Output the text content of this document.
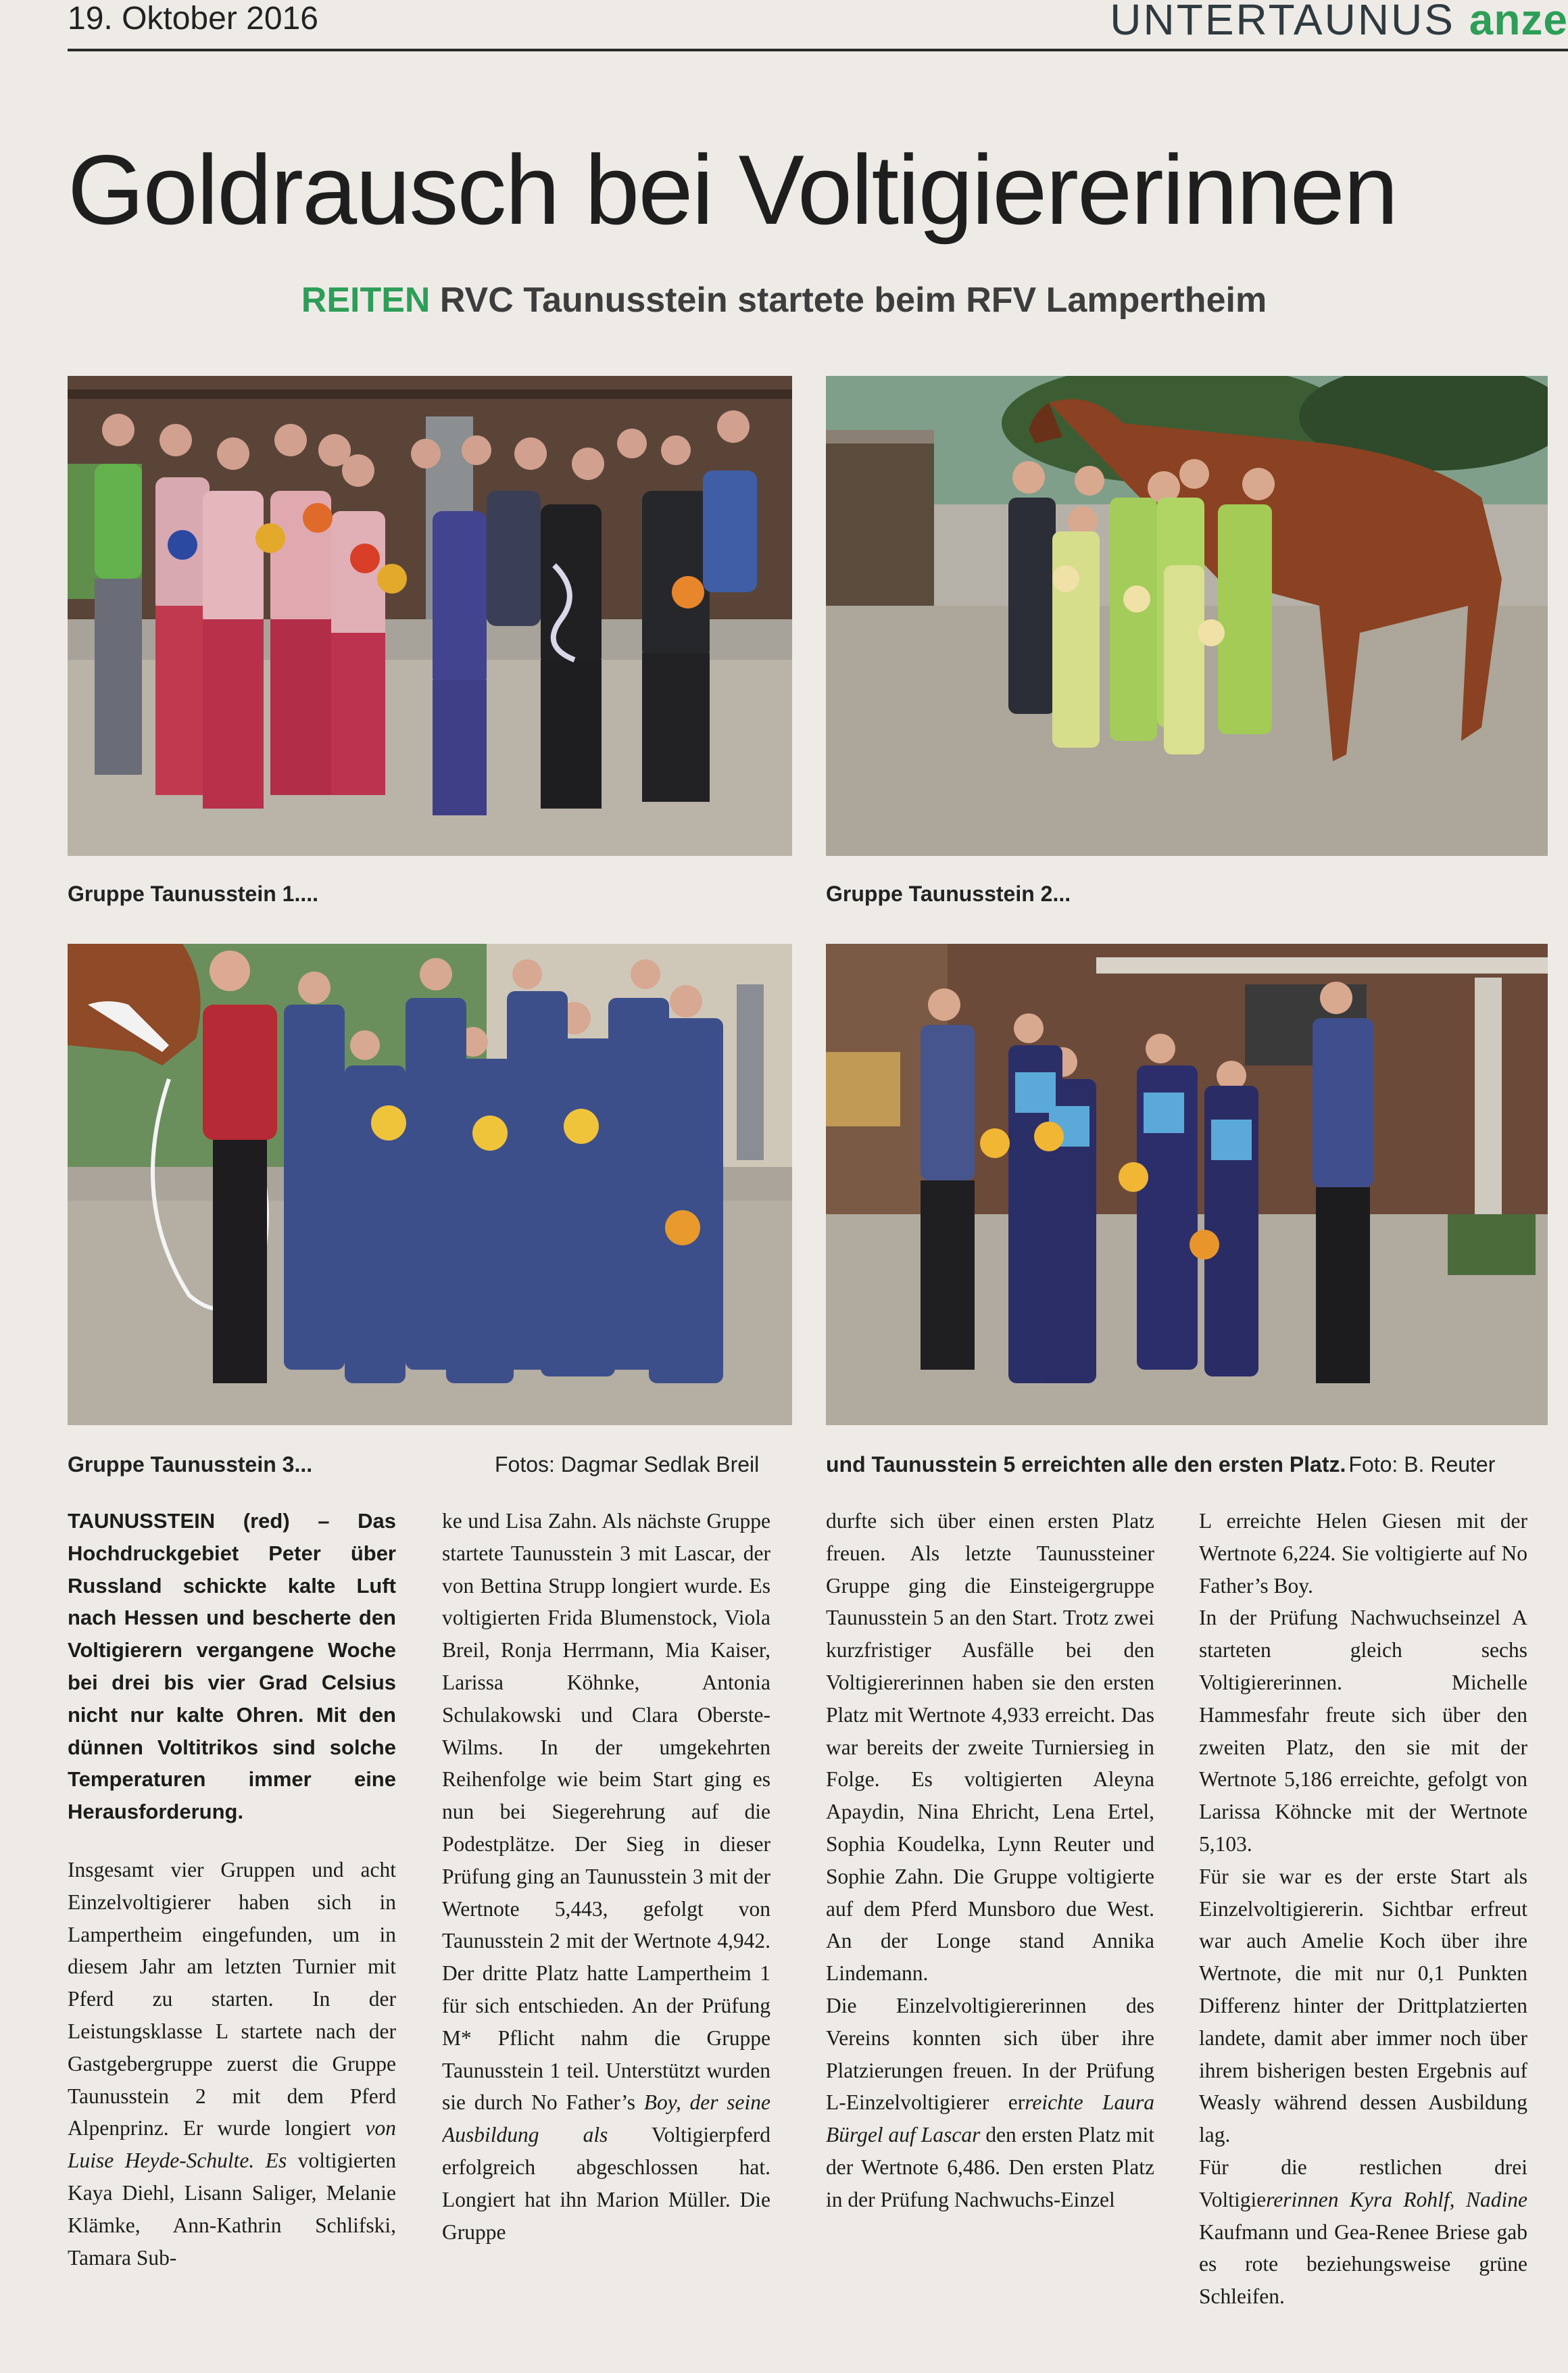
19. Oktober 2016	UNTERTAUNUS anze
Goldrausch bei Voltigiererinnen
REITEN RVC Taunusstein startete beim RFV Lampertheim
Gruppe Taunusstein 1....	Gruppe Taunusstein 2...
Gruppe Taunusstein 3...	Fotos: Dagmar Sedlak Breil	und Taunusstein 5 erreichten alle den ersten Platz. Foto: B. Reuter

TAUNUSSTEIN (red) – Das Hochdruckgebiet Peter über Russland schickte kalte Luft nach Hessen und bescherte den Voltigierern vergangene Woche bei drei bis vier Grad Celsius nicht nur kalte Ohren. Mit den dünnen Voltitrikos sind solche Temperaturen immer eine Herausforderung.

Insgesamt vier Gruppen und acht Einzelvoltigierer haben sich in Lampertheim eingefunden, um in diesem Jahr am letzten Turnier mit Pferd zu starten. In der Leistungsklasse L startete nach der Gastgebergruppe zuerst die Gruppe Taunusstein 2 mit dem Pferd Alpenprinz. Er wurde longiert von Luise Heyde-Schulte. Es voltigierten Kaya Diehl, Lisann Saliger, Melanie Klämke, Ann-Kathrin Schlifski, Tamara Sub-

ke und Lisa Zahn. Als nächste Gruppe startete Taunusstein 3 mit Lascar, der von Bettina Strupp longiert wurde. Es voltigierten Frida Blumenstock, Viola Breil, Ronja Herrmann, Mia Kaiser, Larissa Köhnke, Antonia Schulakowski und Clara Oberste-Wilms. In der umgekehrten Reihenfolge wie beim Start ging es nun bei Siegerehrung auf die Podestplätze. Der Sieg in dieser Prüfung ging an Taunusstein 3 mit der Wertnote 5,443, gefolgt von Taunusstein 2 mit der Wertnote 4,942. Der dritte Platz hatte Lampertheim 1 für sich entschieden. An der Prüfung M* Pflicht nahm die Gruppe Taunusstein 1 teil. Unterstützt wurden sie durch No Father’s Boy, der seine Ausbildung als Voltigierpferd erfolgreich abgeschlossen hat. Longiert hat ihn Marion Müller. Die Gruppe

durfte sich über einen ersten Platz freuen. Als letzte Taunussteiner Gruppe ging die Einsteigergruppe Taunusstein 5 an den Start. Trotz zwei kurzfristiger Ausfälle bei den Voltigiererinnen haben sie den ersten Platz mit Wertnote 4,933 erreicht. Das war bereits der zweite Turniersieg in Folge. Es voltigierten Aleyna Apaydin, Nina Ehricht, Lena Ertel, Sophia Koudelka, Lynn Reuter und Sophie Zahn. Die Gruppe voltigierte auf dem Pferd Munsboro due West. An der Longe stand Annika Lindemann.

Die Einzelvoltigiererinnen des Vereins konnten sich über ihre Platzierungen freuen. In der Prüfung L-Einzelvoltigierer erreichte Laura Bürgel auf Lascar den ersten Platz mit der Wertnote 6,486. Den ersten Platz in der Prüfung Nachwuchs-Einzel

L erreichte Helen Giesen mit der Wertnote 6,224. Sie voltigierte auf No Father’s Boy.

In der Prüfung Nachwuchseinzel A starteten gleich sechs Voltigiererinnen. Michelle Hammesfahr freute sich über den zweiten Platz, den sie mit der Wertnote 5,186 erreichte, gefolgt von Larissa Köhncke mit der Wertnote 5,103.

Für sie war es der erste Start als Einzelvoltigiererin. Sichtbar erfreut war auch Amelie Koch über ihre Wertnote, die mit nur 0,1 Punkten Differenz hinter der Drittplatzierten landete, damit aber immer noch über ihrem bisherigen besten Ergebnis auf Weasly während dessen Ausbildung lag.

Für die restlichen drei Voltigiererinnen Kyra Rohlf, Nadine Kaufmann und Gea-Renee Briese gab es rote beziehungsweise grüne Schleifen.
